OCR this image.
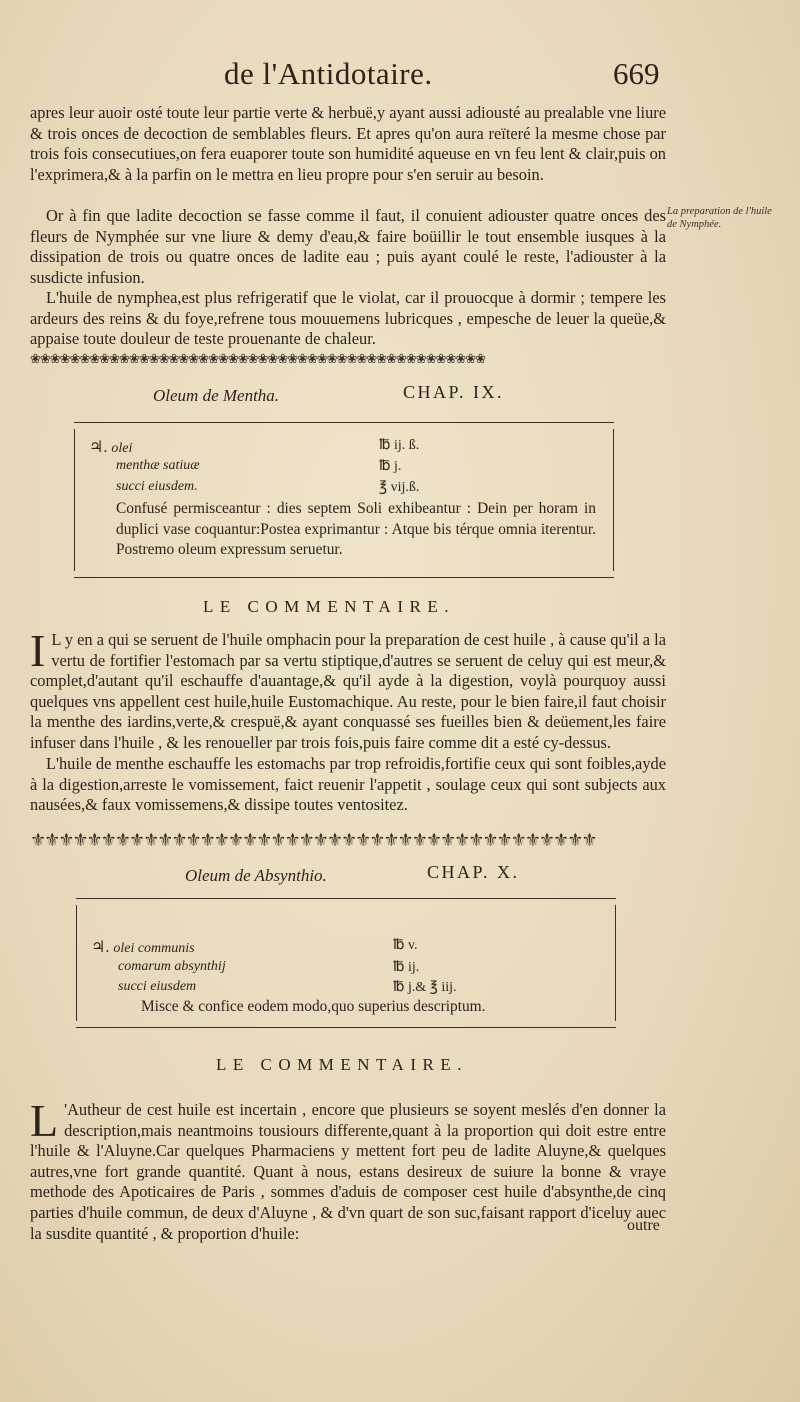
de l'Antidotaire.	669

apres leur auoir osté toute leur partie verte & herbuë,y ayant aussi adiousté au prealable vne liure & trois onces de decoction de semblables fleurs. Et apres qu'on aura reïteré la mesme chose par trois fois consecutiues,on fera euaporer toute son humidité aqueuse en vn feu lent & clair,puis on l'exprimera,& à la parfin on le mettra en lieu propre pour s'en seruir au besoin.

Or à fin que ladite decoction se fasse comme il faut, il conuient adiouster quatre onces des fleurs de Nymphée sur vne liure & demy d'eau,& faire boüillir le tout ensemble iusques à la dissipation de trois ou quatre onces de ladite eau ; puis ayant coulé le reste, l'adiouster à la susdicte infusion.

L'huile de nymphea,est plus refrigeratif que le violat, car il prouocque à dormir ; tempere les ardeurs des reins & du foye,refrene tous mouuemens lubricques , empesche de leuer la queüe,& appaise toute douleur de teste prouenante de chaleur.

La preparation de l'huile de Nymphée.
❀❀❀❀❀❀❀❀❀❀❀❀❀❀❀❀❀❀❀❀❀❀❀❀❀❀❀❀❀❀❀❀❀❀❀❀❀❀❀❀❀❀❀❀❀❀
Oleum de Mentha.	CHAP. IX.
♃. olei	℔ ij. ß.
menthæ satiuæ	℔ j.
succi eiusdem.	℥ vij.ß.
Confusé permisceantur : dies septem Soli exhibeantur : Dein per horam in duplici vase coquantur:Postea exprimantur : Atque bis térque omnia iterentur. Postremo oleum expressum seruetur.
LE COMMENTAIRE.
I L y en a qui se seruent de l'huile omphacin pour la preparation de cest huile , à cause qu'il a la vertu de fortifier l'estomach par sa vertu stiptique,d'autres se seruent de celuy qui est meur,& complet,d'autant qu'il eschauffe d'auantage,& qu'il ayde à la digestion, voylà pourquoy aussi quelques vns appellent cest huile,huile Eustomachique. Au reste, pour le bien faire,il faut choisir la menthe des iardins,verte,& crespuë,& ayant conquassé ses fueilles bien & deüement,les faire infuser dans l'huile , & les renoueller par trois fois,puis faire comme dit a esté cy-dessus.

L'huile de menthe eschauffe les estomachs par trop refroidis,fortifie ceux qui sont foibles,ayde à la digestion,arreste le vomissement, faict reuenir l'appetit , soulage ceux qui sont subjects aux nausées,& faux vomissemens,& dissipe toutes ventositez.

⚜⚜⚜⚜⚜⚜⚜⚜⚜⚜⚜⚜⚜⚜⚜⚜⚜⚜⚜⚜⚜⚜⚜⚜⚜⚜⚜⚜⚜⚜⚜⚜⚜⚜⚜⚜⚜⚜⚜⚜
Oleum de Absynthio.	CHAP. X.
♃. olei communis	℔ v.
comarum absynthij	℔ ij.
succi eiusdem	℔ j.& ℥ iij.
Misce & confice eodem modo,quo superius descriptum.
LE COMMENTAIRE.
L 'Autheur de cest huile est incertain , encore que plusieurs se soyent meslés d'en donner la description,mais neantmoins tousiours differente,quant à la proportion qui doit estre entre l'huile & l'Aluyne.Car quelques Pharmaciens y mettent fort peu de ladite Aluyne,& quelques autres,vne fort grande quantité. Quant à nous, estans desireux de suiure la bonne & vraye methode des Apoticaires de Paris , sommes d'aduis de composer cest huile d'absynthe,de cinq parties d'huile commun, de deux d'Aluyne , & d'vn quart de son suc,faisant rapport d'iceluy auec la susdite quantité , & proportion d'huile:	outre
